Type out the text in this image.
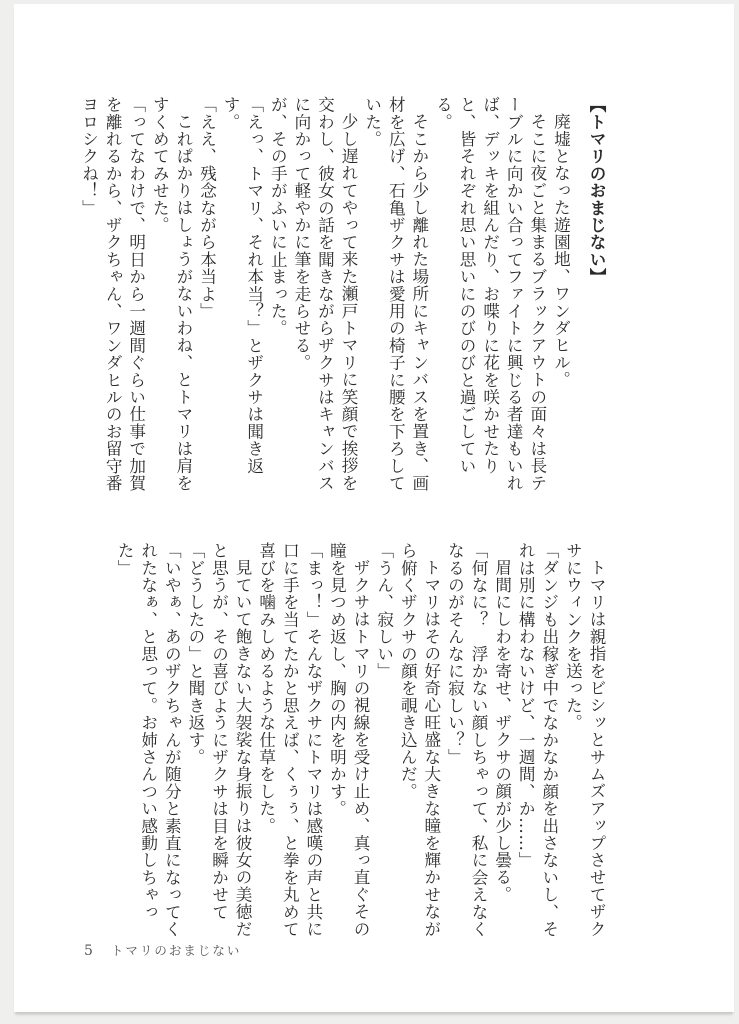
【トマリのおまじない】

廃墟となった遊園地、ワンダヒル。

そこに夜ごと集まるブラックアウトの面々は長テーブルに向かい合ってファイトに興じる者達もいれば、デッキを組んだり、お喋りに花を咲かせたりと、皆それぞれ思い思いにのびのびと過ごしている。

そこから少し離れた場所にキャンバスを置き、画材を広げ、石亀ザクサは愛用の椅子に腰を下ろしていた。

少し遅れてやって来た瀬戸トマリに笑顔で挨拶を交わし、彼女の話を聞きながらザクサはキャンバスに向かって軽やかに筆を走らせる。

が、その手がふいに止まった。

「えっ、トマリ、それ本当？」とザクサは聞き返す。

「ええ、残念ながら本当よ」

これぱかりはしょうがないわね、とトマリは肩をすくめてみせた。

「ってなわけで、明日から一週間ぐらい仕事で加賀を離れるから、ザクちゃん、ワンダヒルのお留守番ヨロシクね！」

トマリは親指をビシッとサムズアップさせてザクサにウィンクを送った。

「ダンジも出稼ぎ中でなかなか顔を出さないし、それは別に構わないけど、一週間、か……」

眉間にしわを寄せ、ザクサの顔が少し曇る。

「何なに？　浮かない顔しちゃって、私に会えなくなるのがそんなに寂しい？」

トマリはその好奇心旺盛な大きな瞳を輝かせながら俯くザクサの顔を覗き込んだ。

「うん、寂しい」

ザクサはトマリの視線を受け止め、真っ直ぐその瞳を見つめ返し、胸の内を明かす。

「まっ！」そんなザクサにトマリは感嘆の声と共に口に手を当てたかと思えば、くぅぅ、と拳を丸めて喜びを噛みしめるような仕草をした。

見ていて飽きない大袈裟な身振りは彼女の美徳だと思うが、その喜びようにザクサは目を瞬かせて「どうしたの」と聞き返す。

「いやぁ、あのザクちゃんが随分と素直になってくれたなぁ、と思って。お姉さんつい感動しちゃった」

5 トマリのおまじない
